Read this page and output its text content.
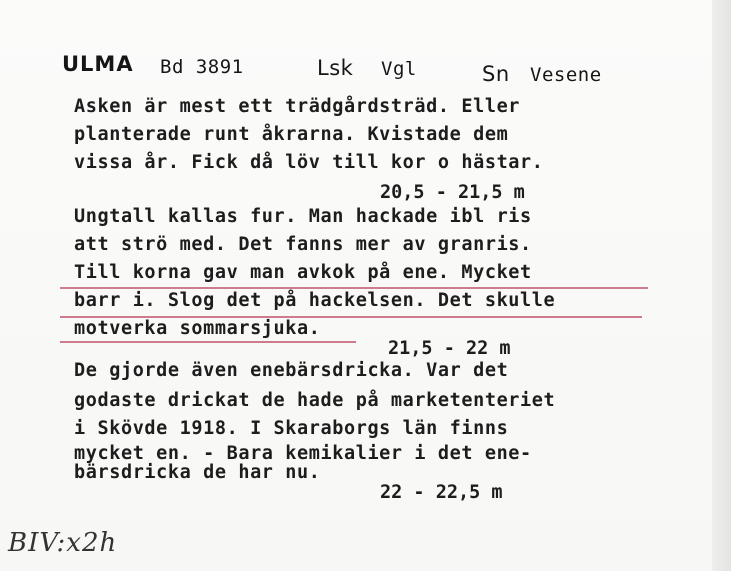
ULMA Bd 3891	Lsk Vgl	Sn Vesene
Asken är mest ett trädgårdsträd. Eller
planterade runt åkrarna. Kvistade dem
vissa år. Fick då löv till kor o hästar.
20,5 - 21,5 m
Ungtall kallas fur. Man hackade ibl ris
att strö med. Det fanns mer av granris.
Till korna gav man avkok på ene. Mycket
barr i. Slog det på hackelsen. Det skulle
motverka sommarsjuka.
21,5 - 22 m
De gjorde även enebärsdricka. Var det
godaste drickat de hade på marketenteriet
i Skövde 1918. I Skaraborgs län finns
mycket en. - Bara kemikalier i det ene-
bärsdricka de har nu.
22 - 22,5 m
BIV:x2h
